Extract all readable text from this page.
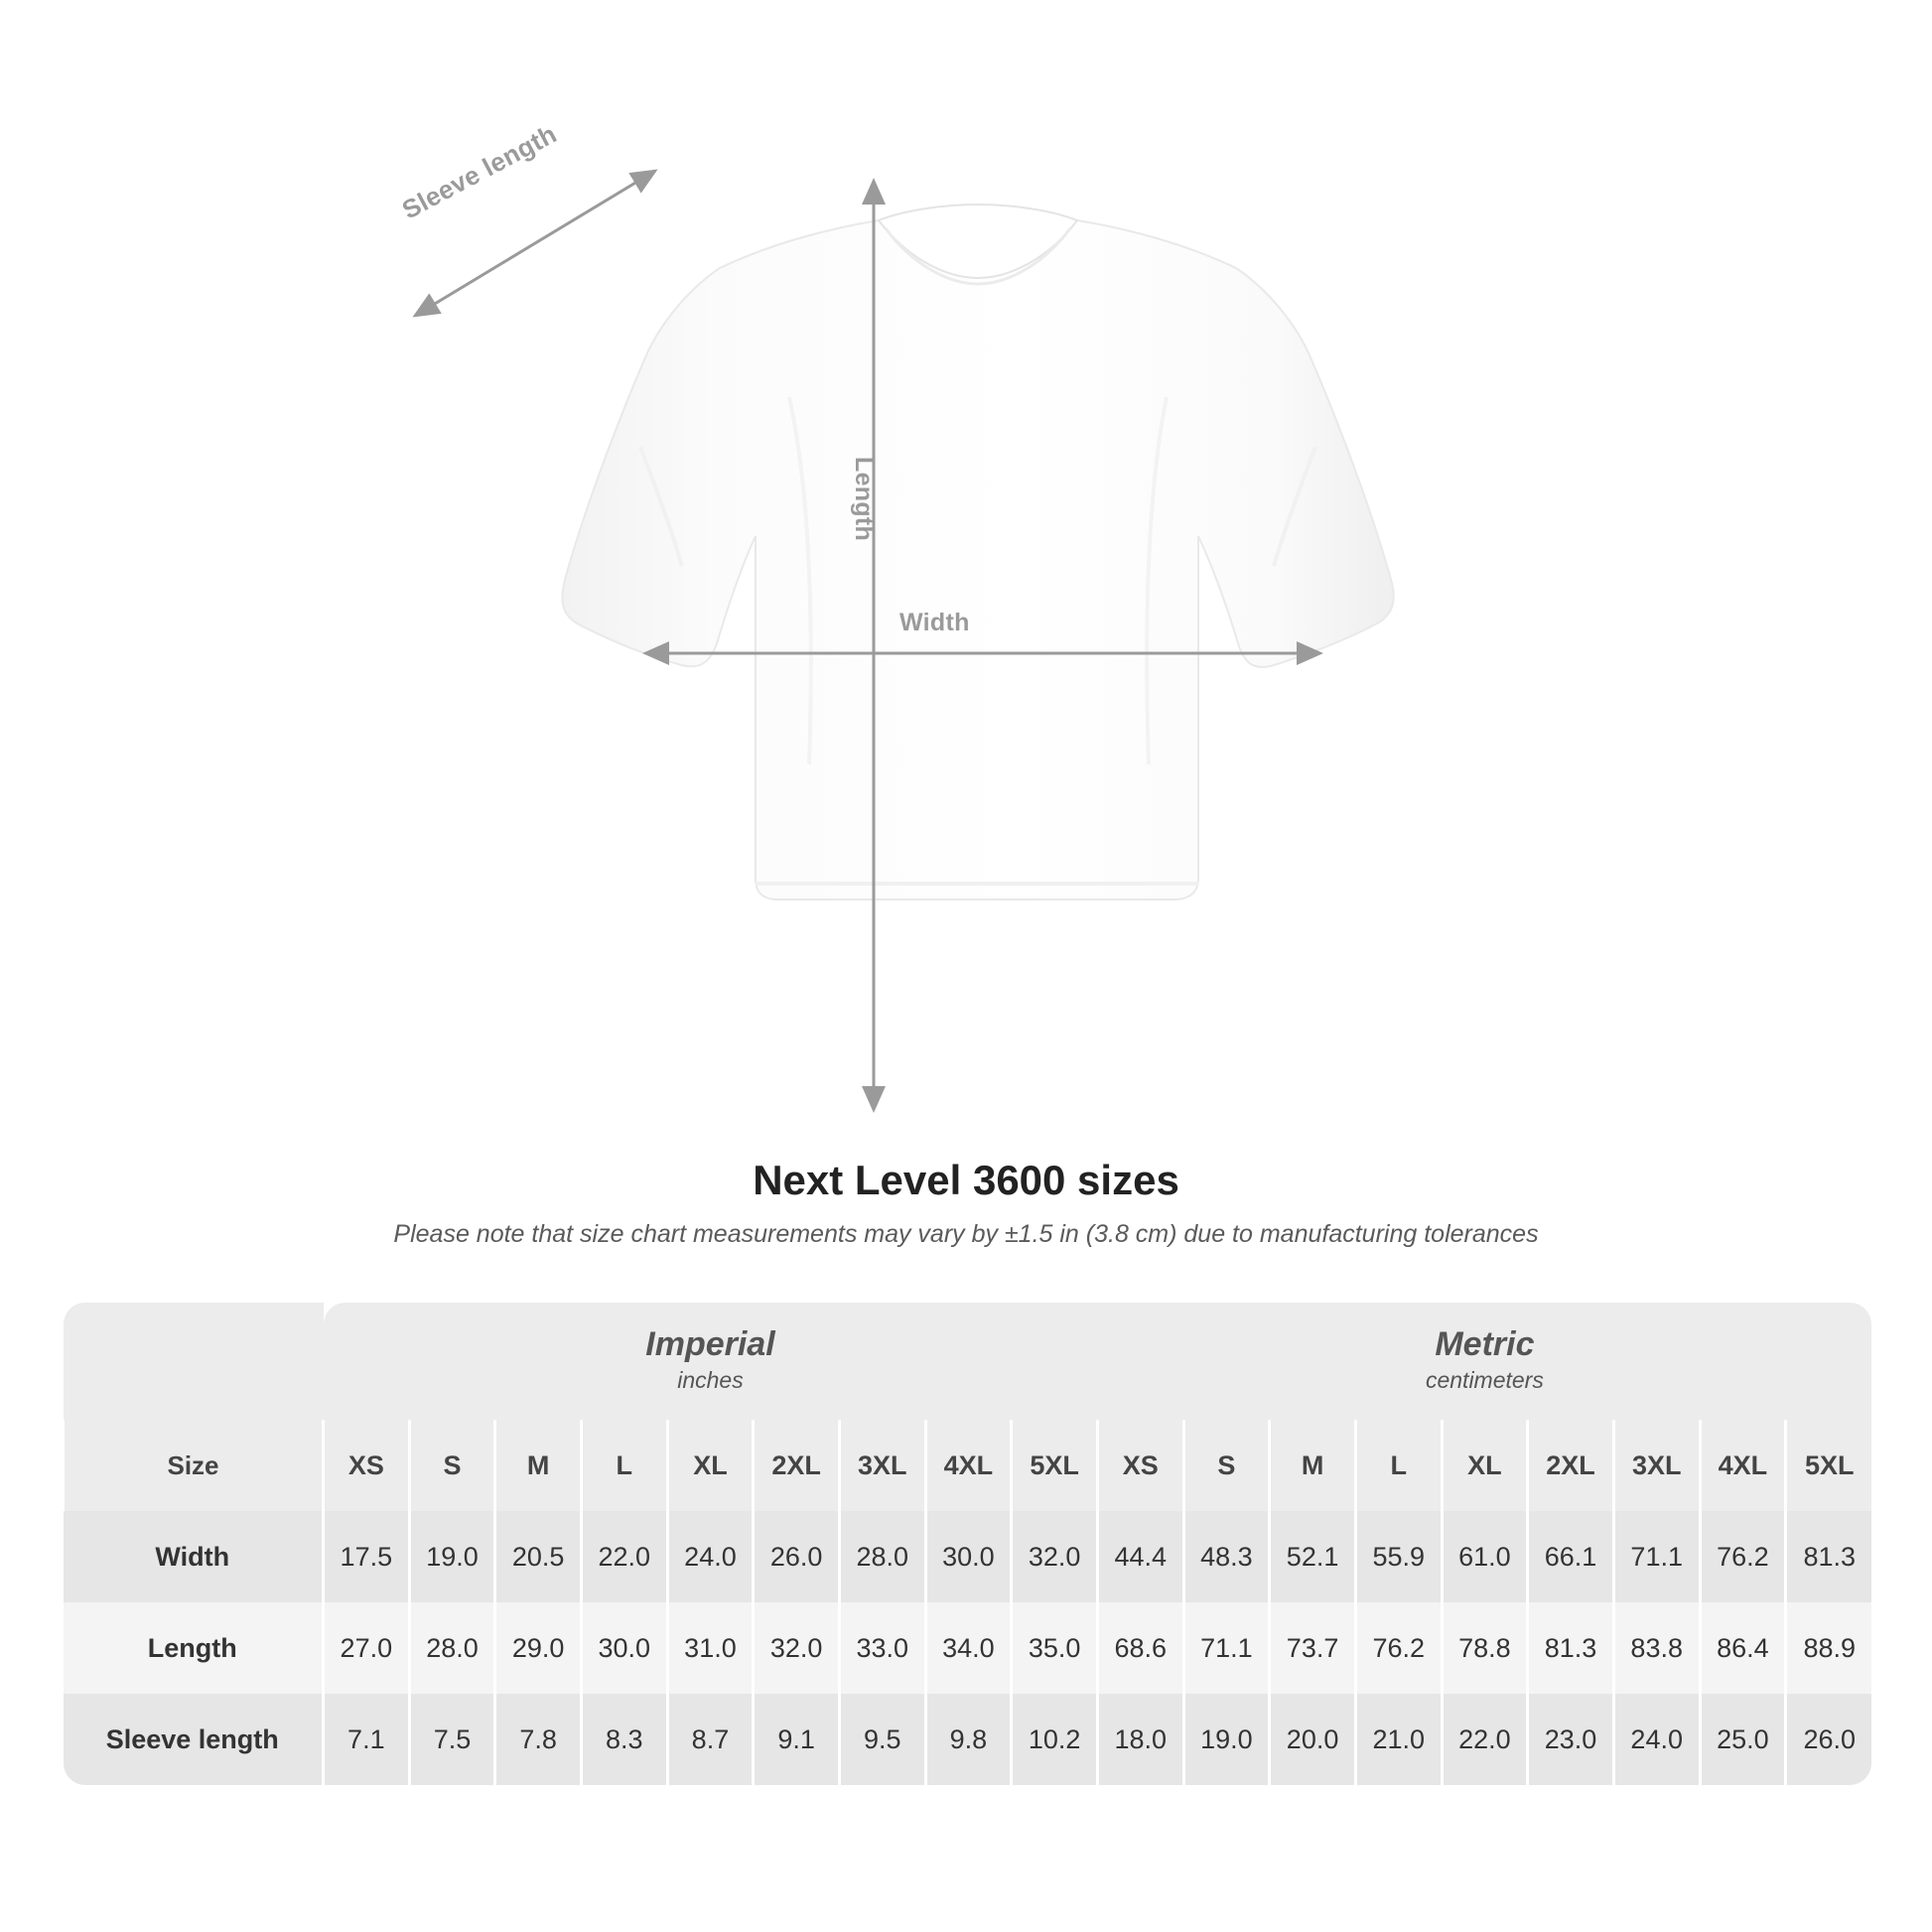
Sleeve length
Length
Width
Next Level 3600 sizes

Please note that size chart measurements may vary by ±1.5 in (3.8 cm) due to manufacturing tolerances

Imperial
inches

Metric
centimeters

Size	XS	S	M	L	XL	2XL	3XL	4XL	5XL	XS	S	M	L	XL	2XL	3XL	4XL	5XL
Width	17.5	19.0	20.5	22.0	24.0	26.0	28.0	30.0	32.0	44.4	48.3	52.1	55.9	61.0	66.1	71.1	76.2	81.3
Length	27.0	28.0	29.0	30.0	31.0	32.0	33.0	34.0	35.0	68.6	71.1	73.7	76.2	78.8	81.3	83.8	86.4	88.9
Sleeve length	7.1	7.5	7.8	8.3	8.7	9.1	9.5	9.8	10.2	18.0	19.0	20.0	21.0	22.0	23.0	24.0	25.0	26.0
